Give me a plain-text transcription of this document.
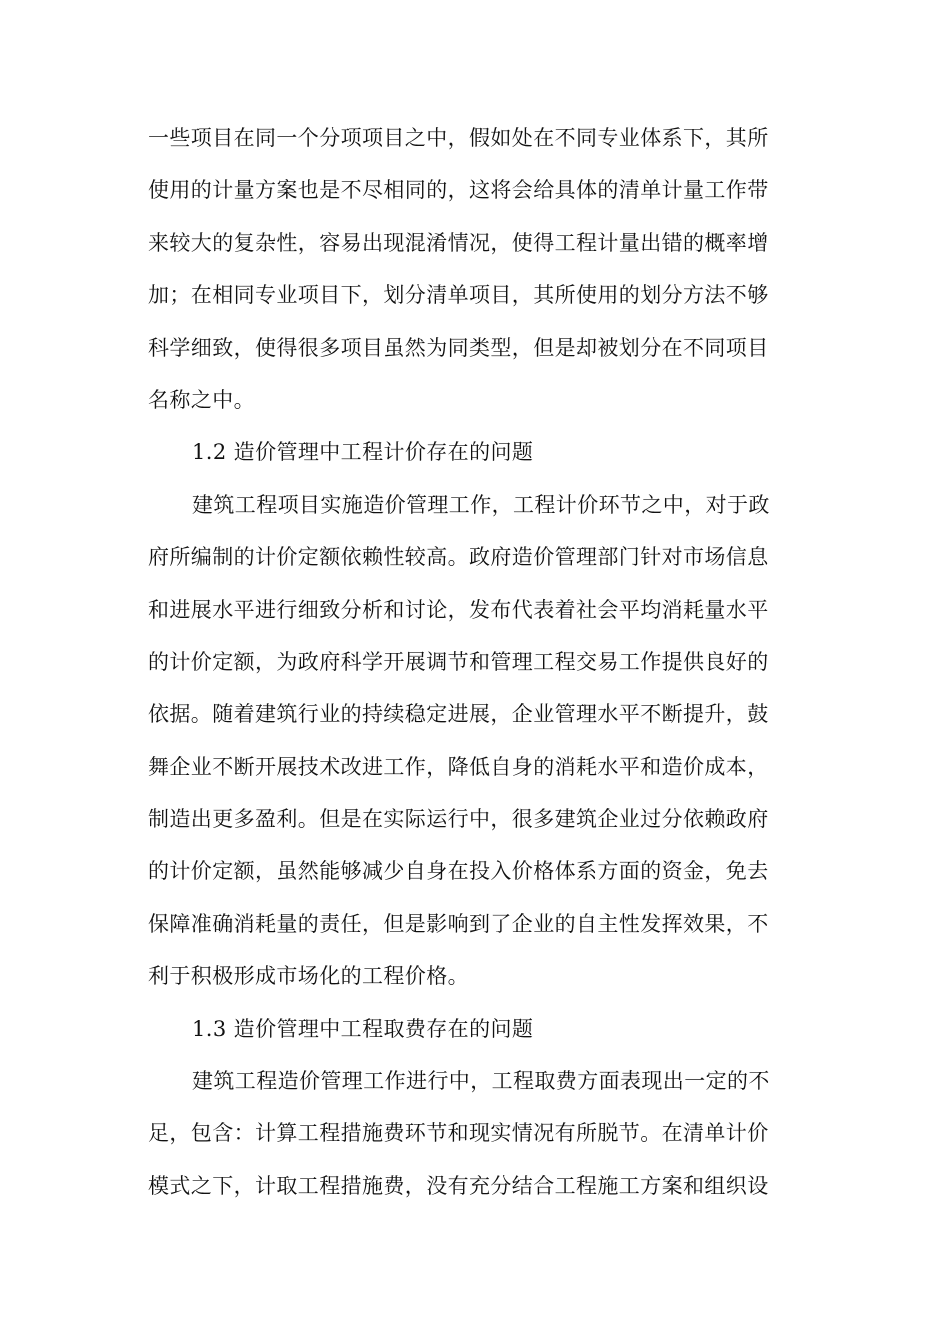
一些项目在同一个分项项目之中，假如处在不同专业体系下，其所
使用的计量方案也是不尽相同的，这将会给具体的清单计量工作带
来较大的复杂性，容易出现混淆情况，使得工程计量出错的概率增
加；在相同专业项目下，划分清单项目，其所使用的划分方法不够
科学细致，使得很多项目虽然为同类型，但是却被划分在不同项目
名称之中。
1.2 造价管理中工程计价存在的问题
建筑工程项目实施造价管理工作，工程计价环节之中，对于政
府所编制的计价定额依赖性较高。政府造价管理部门针对市场信息
和进展水平进行细致分析和讨论，发布代表着社会平均消耗量水平
的计价定额，为政府科学开展调节和管理工程交易工作提供良好的
依据。随着建筑行业的持续稳定进展，企业管理水平不断提升，鼓
舞企业不断开展技术改进工作，降低自身的消耗水平和造价成本，
制造出更多盈利。但是在实际运行中，很多建筑企业过分依赖政府
的计价定额，虽然能够减少自身在投入价格体系方面的资金，免去
保障准确消耗量的责任，但是影响到了企业的自主性发挥效果，不
利于积极形成市场化的工程价格。
1.3 造价管理中工程取费存在的问题
建筑工程造价管理工作进行中，工程取费方面表现出一定的不
足，包含：计算工程措施费环节和现实情况有所脱节。在清单计价
模式之下，计取工程措施费，没有充分结合工程施工方案和组织设
